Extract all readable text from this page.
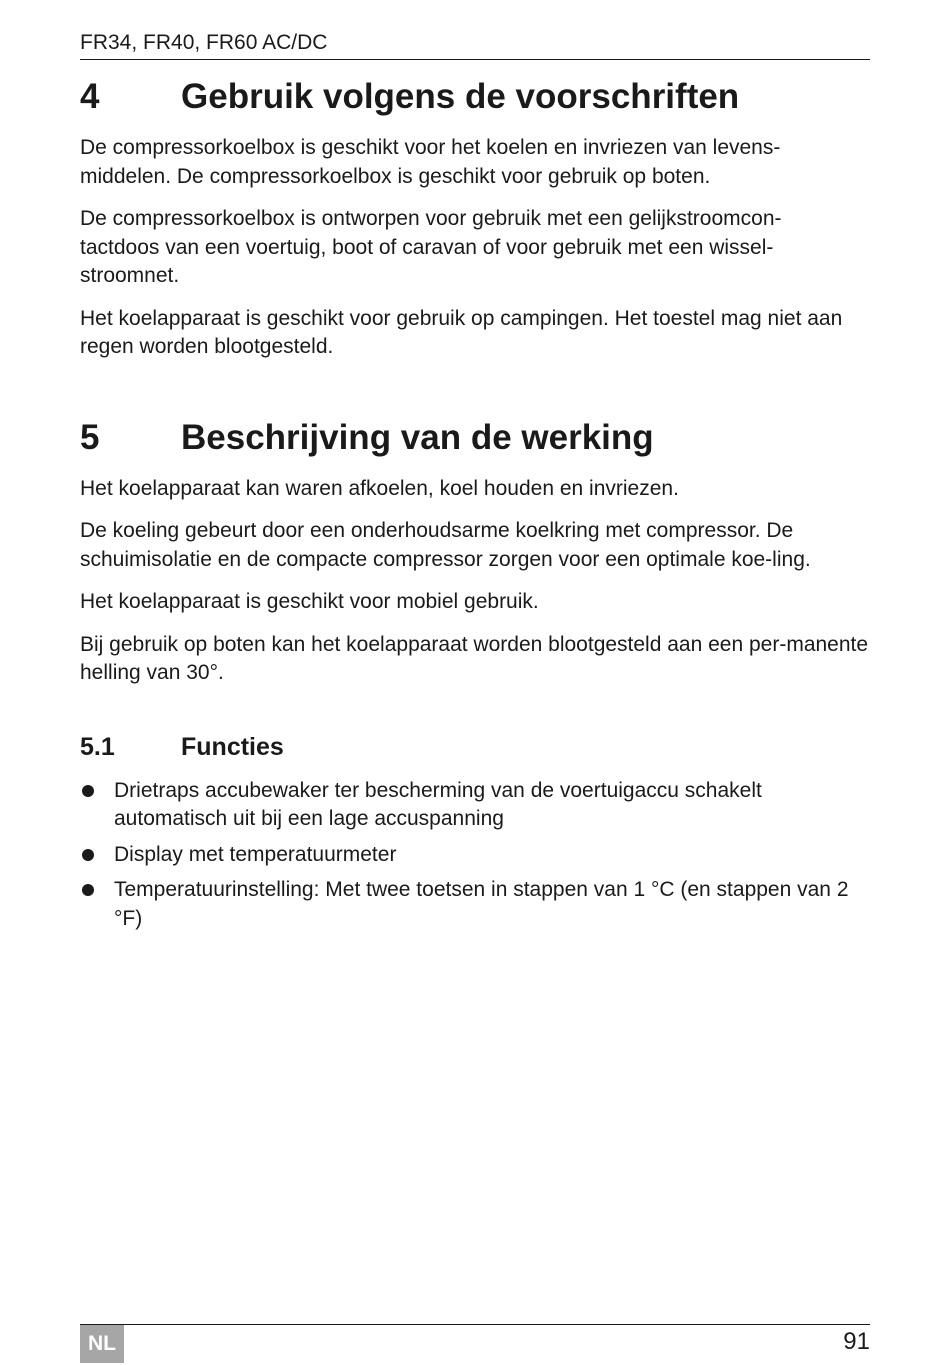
FR34, FR40, FR60 AC/DC
4	Gebruik volgens de voorschriften

De compressorkoelbox is geschikt voor het koelen en invriezen van levens-middelen. De compressorkoelbox is geschikt voor gebruik op boten.

De compressorkoelbox is ontworpen voor gebruik met een gelijkstroomcon-tactdoos van een voertuig, boot of caravan of voor gebruik met een wissel-stroomnet.

Het koelapparaat is geschikt voor gebruik op campingen. Het toestel mag niet aan regen worden blootgesteld.

5	Beschrijving van de werking

Het koelapparaat kan waren afkoelen, koel houden en invriezen.

De koeling gebeurt door een onderhoudsarme koelkring met compressor. De schuimisolatie en de compacte compressor zorgen voor een optimale koe-ling.

Het koelapparaat is geschikt voor mobiel gebruik.

Bij gebruik op boten kan het koelapparaat worden blootgesteld aan een per-manente helling van 30°.

5.1	Functies
Drietraps accubewaker ter bescherming van de voertuigaccu schakelt automatisch uit bij een lage accuspanning
Display met temperatuurmeter
Temperatuurinstelling: Met twee toetsen in stappen van 1 °C (en stappen van 2 °F)
NL	91
